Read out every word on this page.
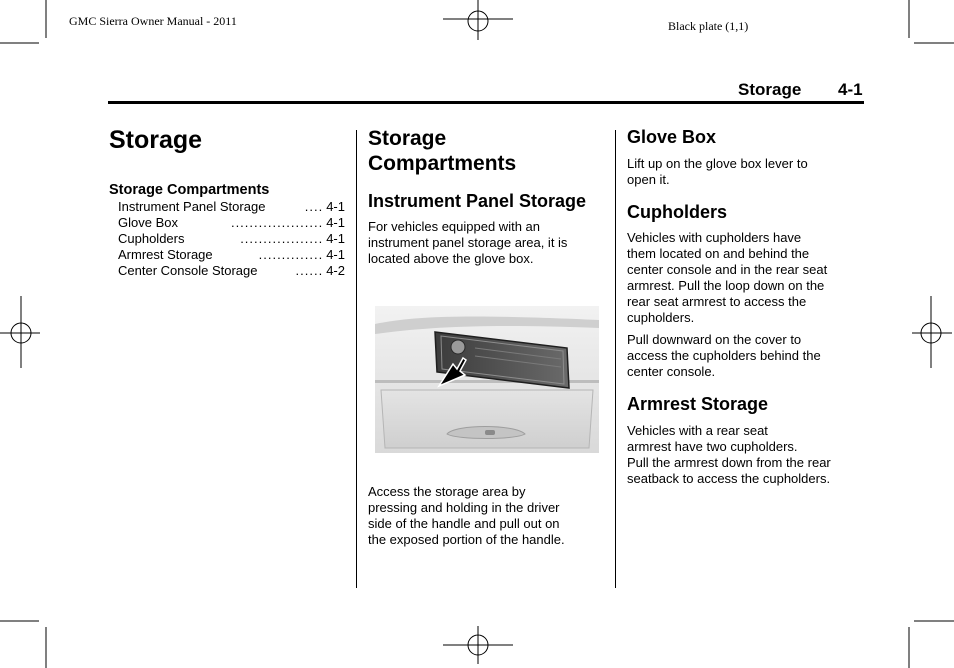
GMC Sierra Owner Manual - 2011	Black plate (1,1)
Storage 4-1
Storage
Storage Compartments
Instrument Panel Storage	.... 4-1
Glove Box	.................... 4-1
Cupholders	.................. 4-1
Armrest Storage	.............. 4-1
Center Console Storage	...... 4-2
Storage
Compartments
Instrument Panel Storage
For vehicles equipped with an
instrument panel storage area, it is
located above the glove box.
Access the storage area by
pressing and holding in the driver
side of the handle and pull out on
the exposed portion of the handle.
Glove Box
Lift up on the glove box lever to
open it.
Cupholders
Vehicles with cupholders have
them located on and behind the
center console and in the rear seat
armrest. Pull the loop down on the
rear seat armrest to access the
cupholders.
Pull downward on the cover to
access the cupholders behind the
center console.
Armrest Storage
Vehicles with a rear seat
armrest have two cupholders.
Pull the armrest down from the rear
seatback to access the cupholders.
